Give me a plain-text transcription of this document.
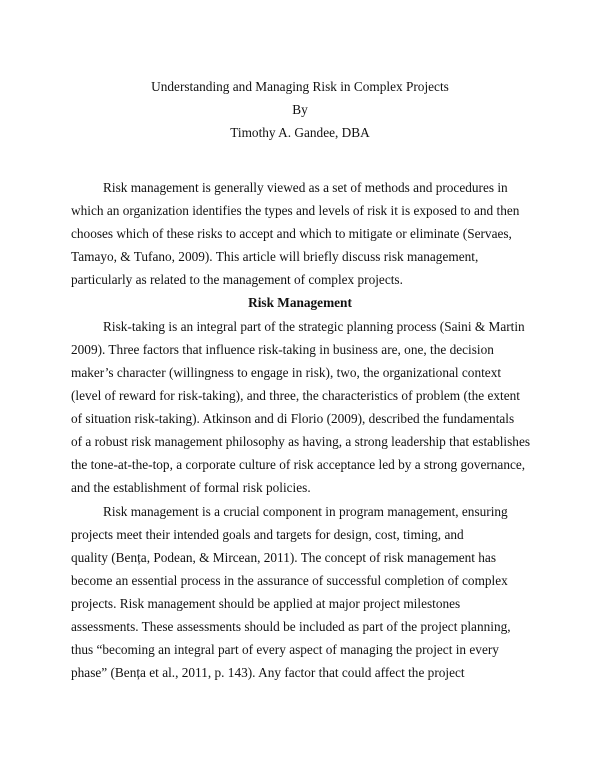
Understanding and Managing Risk in Complex Projects
By
Timothy A. Gandee, DBA
Risk management is generally viewed as a set of methods and procedures in
which an organization identifies the types and levels of risk it is exposed to and then
chooses which of these risks to accept and which to mitigate or eliminate (Servaes,
Tamayo, & Tufano, 2009). This article will briefly discuss risk management,
particularly as related to the management of complex projects.
Risk Management
Risk-taking is an integral part of the strategic planning process (Saini & Martin
2009). Three factors that influence risk-taking in business are, one, the decision
maker’s character (willingness to engage in risk), two, the organizational context
(level of reward for risk-taking), and three, the characteristics of problem (the extent
of situation risk-taking). Atkinson and di Florio (2009), described the fundamentals
of a robust risk management philosophy as having, a strong leadership that establishes
the tone-at-the-top, a corporate culture of risk acceptance led by a strong governance,
and the establishment of formal risk policies.
Risk management is a crucial component in program management, ensuring
projects meet their intended goals and targets for design, cost, timing, and
quality (Bența, Podean, & Mircean, 2011). The concept of risk management has
become an essential process in the assurance of successful completion of complex
projects. Risk management should be applied at major project milestones
assessments. These assessments should be included as part of the project planning,
thus “becoming an integral part of every aspect of managing the project in every
phase” (Bența et al., 2011, p. 143). Any factor that could affect the project
